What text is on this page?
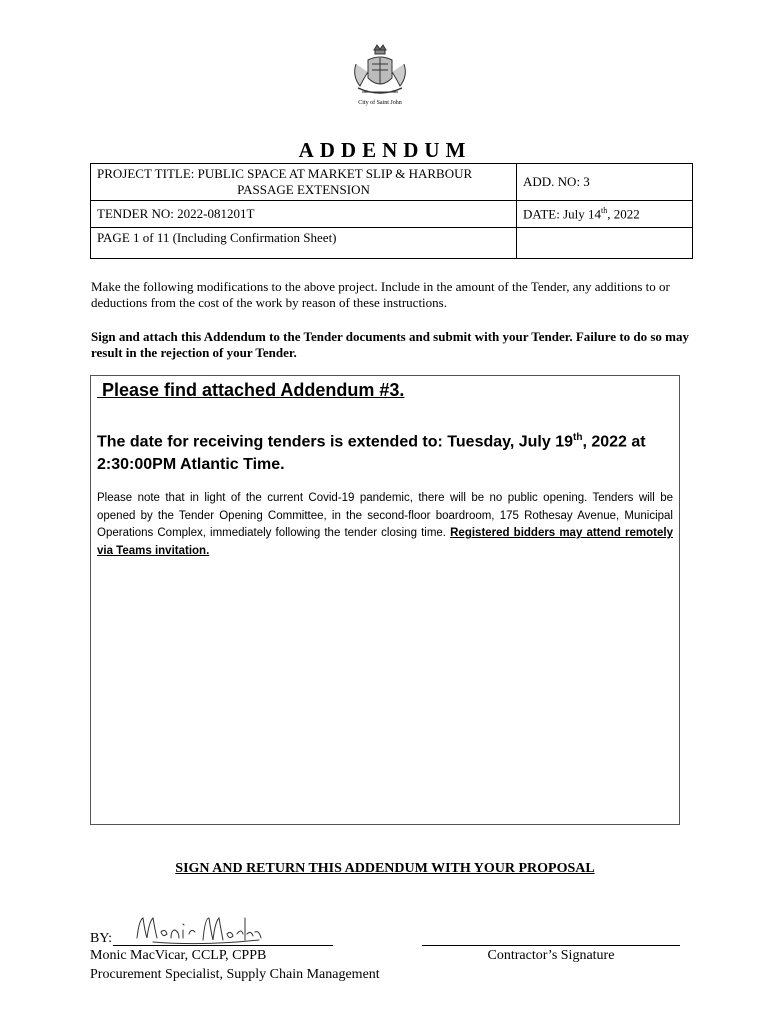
City of Saint John
ADDENDUM
PROJECT TITLE: PUBLIC SPACE AT MARKET SLIP & HARBOUR
PASSAGE EXTENSION	ADD. NO: 3
TENDER NO: 2022-081201T	DATE: July 14th, 2022
PAGE 1 of 11 (Including Confirmation Sheet)	
Make the following modifications to the above project. Include in the amount of the Tender, any additions to or deductions from the cost of the work by reason of these instructions.
Sign and attach this Addendum to the Tender documents and submit with your Tender. Failure to do so may result in the rejection of your Tender.
Please find attached Addendum #3.
The date for receiving tenders is extended to: Tuesday, July 19th, 2022 at 2:30:00PM Atlantic Time.
Please note that in light of the current Covid-19 pandemic, there will be no public opening. Tenders will be opened by the Tender Opening Committee, in the second-floor boardroom, 175 Rothesay Avenue, Municipal Operations Complex, immediately following the tender closing time. Registered bidders may attend remotely via Teams invitation.
SIGN AND RETURN THIS ADDENDUM WITH YOUR PROPOSAL
BY:
Monic MacVicar, CCLP, CPPB
Procurement Specialist, Supply Chain Management
Contractor’s Signature
